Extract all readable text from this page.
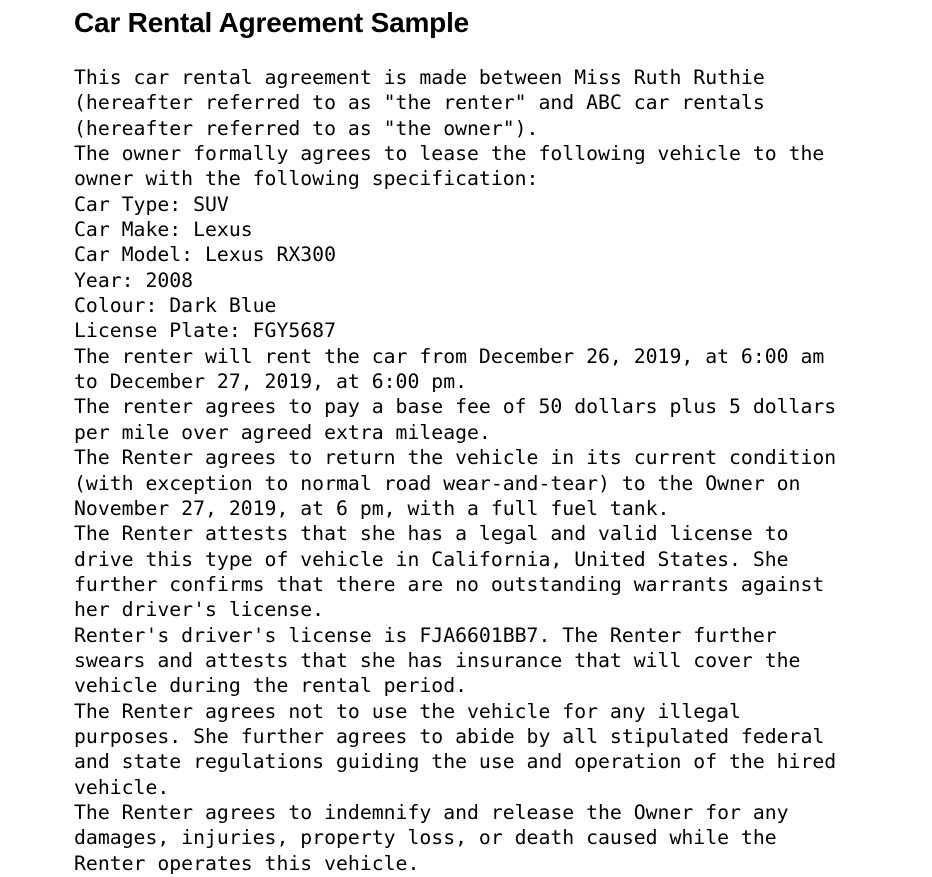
Car Rental Agreement Sample
This car rental agreement is made between Miss Ruth Ruthie
(hereafter referred to as "the renter" and ABC car rentals
(hereafter referred to as "the owner").
The owner formally agrees to lease the following vehicle to the
owner with the following specification:
Car Type: SUV
Car Make: Lexus
Car Model: Lexus RX300
Year: 2008
Colour: Dark Blue
License Plate: FGY5687
The renter will rent the car from December 26, 2019, at 6:00 am
to December 27, 2019, at 6:00 pm.
The renter agrees to pay a base fee of 50 dollars plus 5 dollars
per mile over agreed extra mileage.
The Renter agrees to return the vehicle in its current condition
(with exception to normal road wear-and-tear) to the Owner on
November 27, 2019, at 6 pm, with a full fuel tank.
The Renter attests that she has a legal and valid license to
drive this type of vehicle in California, United States. She
further confirms that there are no outstanding warrants against
her driver's license.
Renter's driver's license is FJA6601BB7. The Renter further
swears and attests that she has insurance that will cover the
vehicle during the rental period.
The Renter agrees not to use the vehicle for any illegal
purposes. She further agrees to abide by all stipulated federal
and state regulations guiding the use and operation of the hired
vehicle.
The Renter agrees to indemnify and release the Owner for any
damages, injuries, property loss, or death caused while the
Renter operates this vehicle.
